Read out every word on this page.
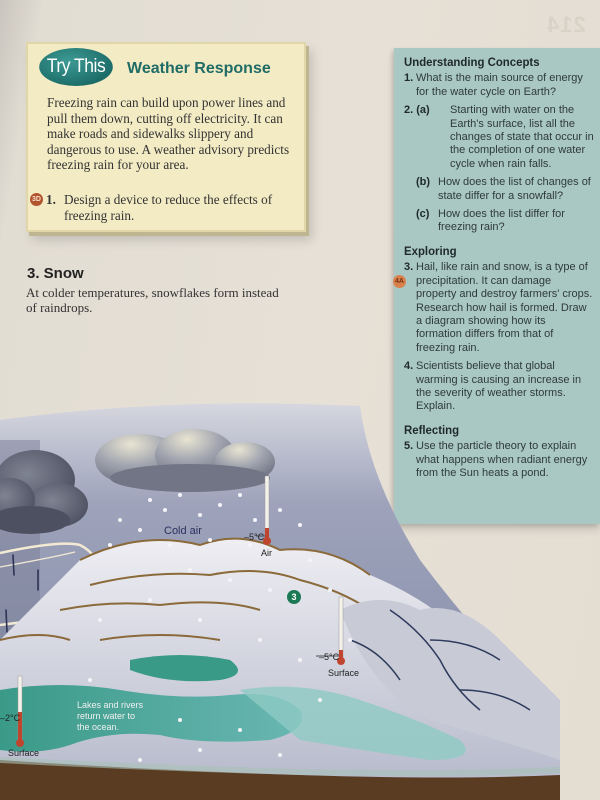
214
Try This	Weather Response
Freezing rain can build upon power lines and pull them down, cutting off electricity. It can make roads and sidewalks slippery and dangerous to use. A weather advisory predicts freezing rain for your area.
3D 1. Design a device to reduce the effects of freezing rain.
3. Snow
At colder temperatures, snowflakes form instead of raindrops.
Understanding Concepts
1. What is the main source of energy for the water cycle on Earth?
2. (a)	Starting with water on the Earth's surface, list all the changes of state that occur in the completion of one water cycle when rain falls.
(b) How does the list of changes of state differ for a snowfall?
(c) How does the list differ for freezing rain?
Exploring
3. Hail, like rain and snow, is a type of precipitation. It can damage property and destroy farmers' crops. Research how hail is formed. Draw a diagram showing how its formation differs from that of freezing rain.
4A
4. Scientists believe that global warming is causing an increase in the severity of weather storms. Explain.
Reflecting
5. Use the particle theory to explain what happens when radiant energy from the Sun heats a pond.
Cold air	–5°C
Air
3
–5°C
Surface
–2°C
Surface
Lakes and rivers return water to the ocean.
